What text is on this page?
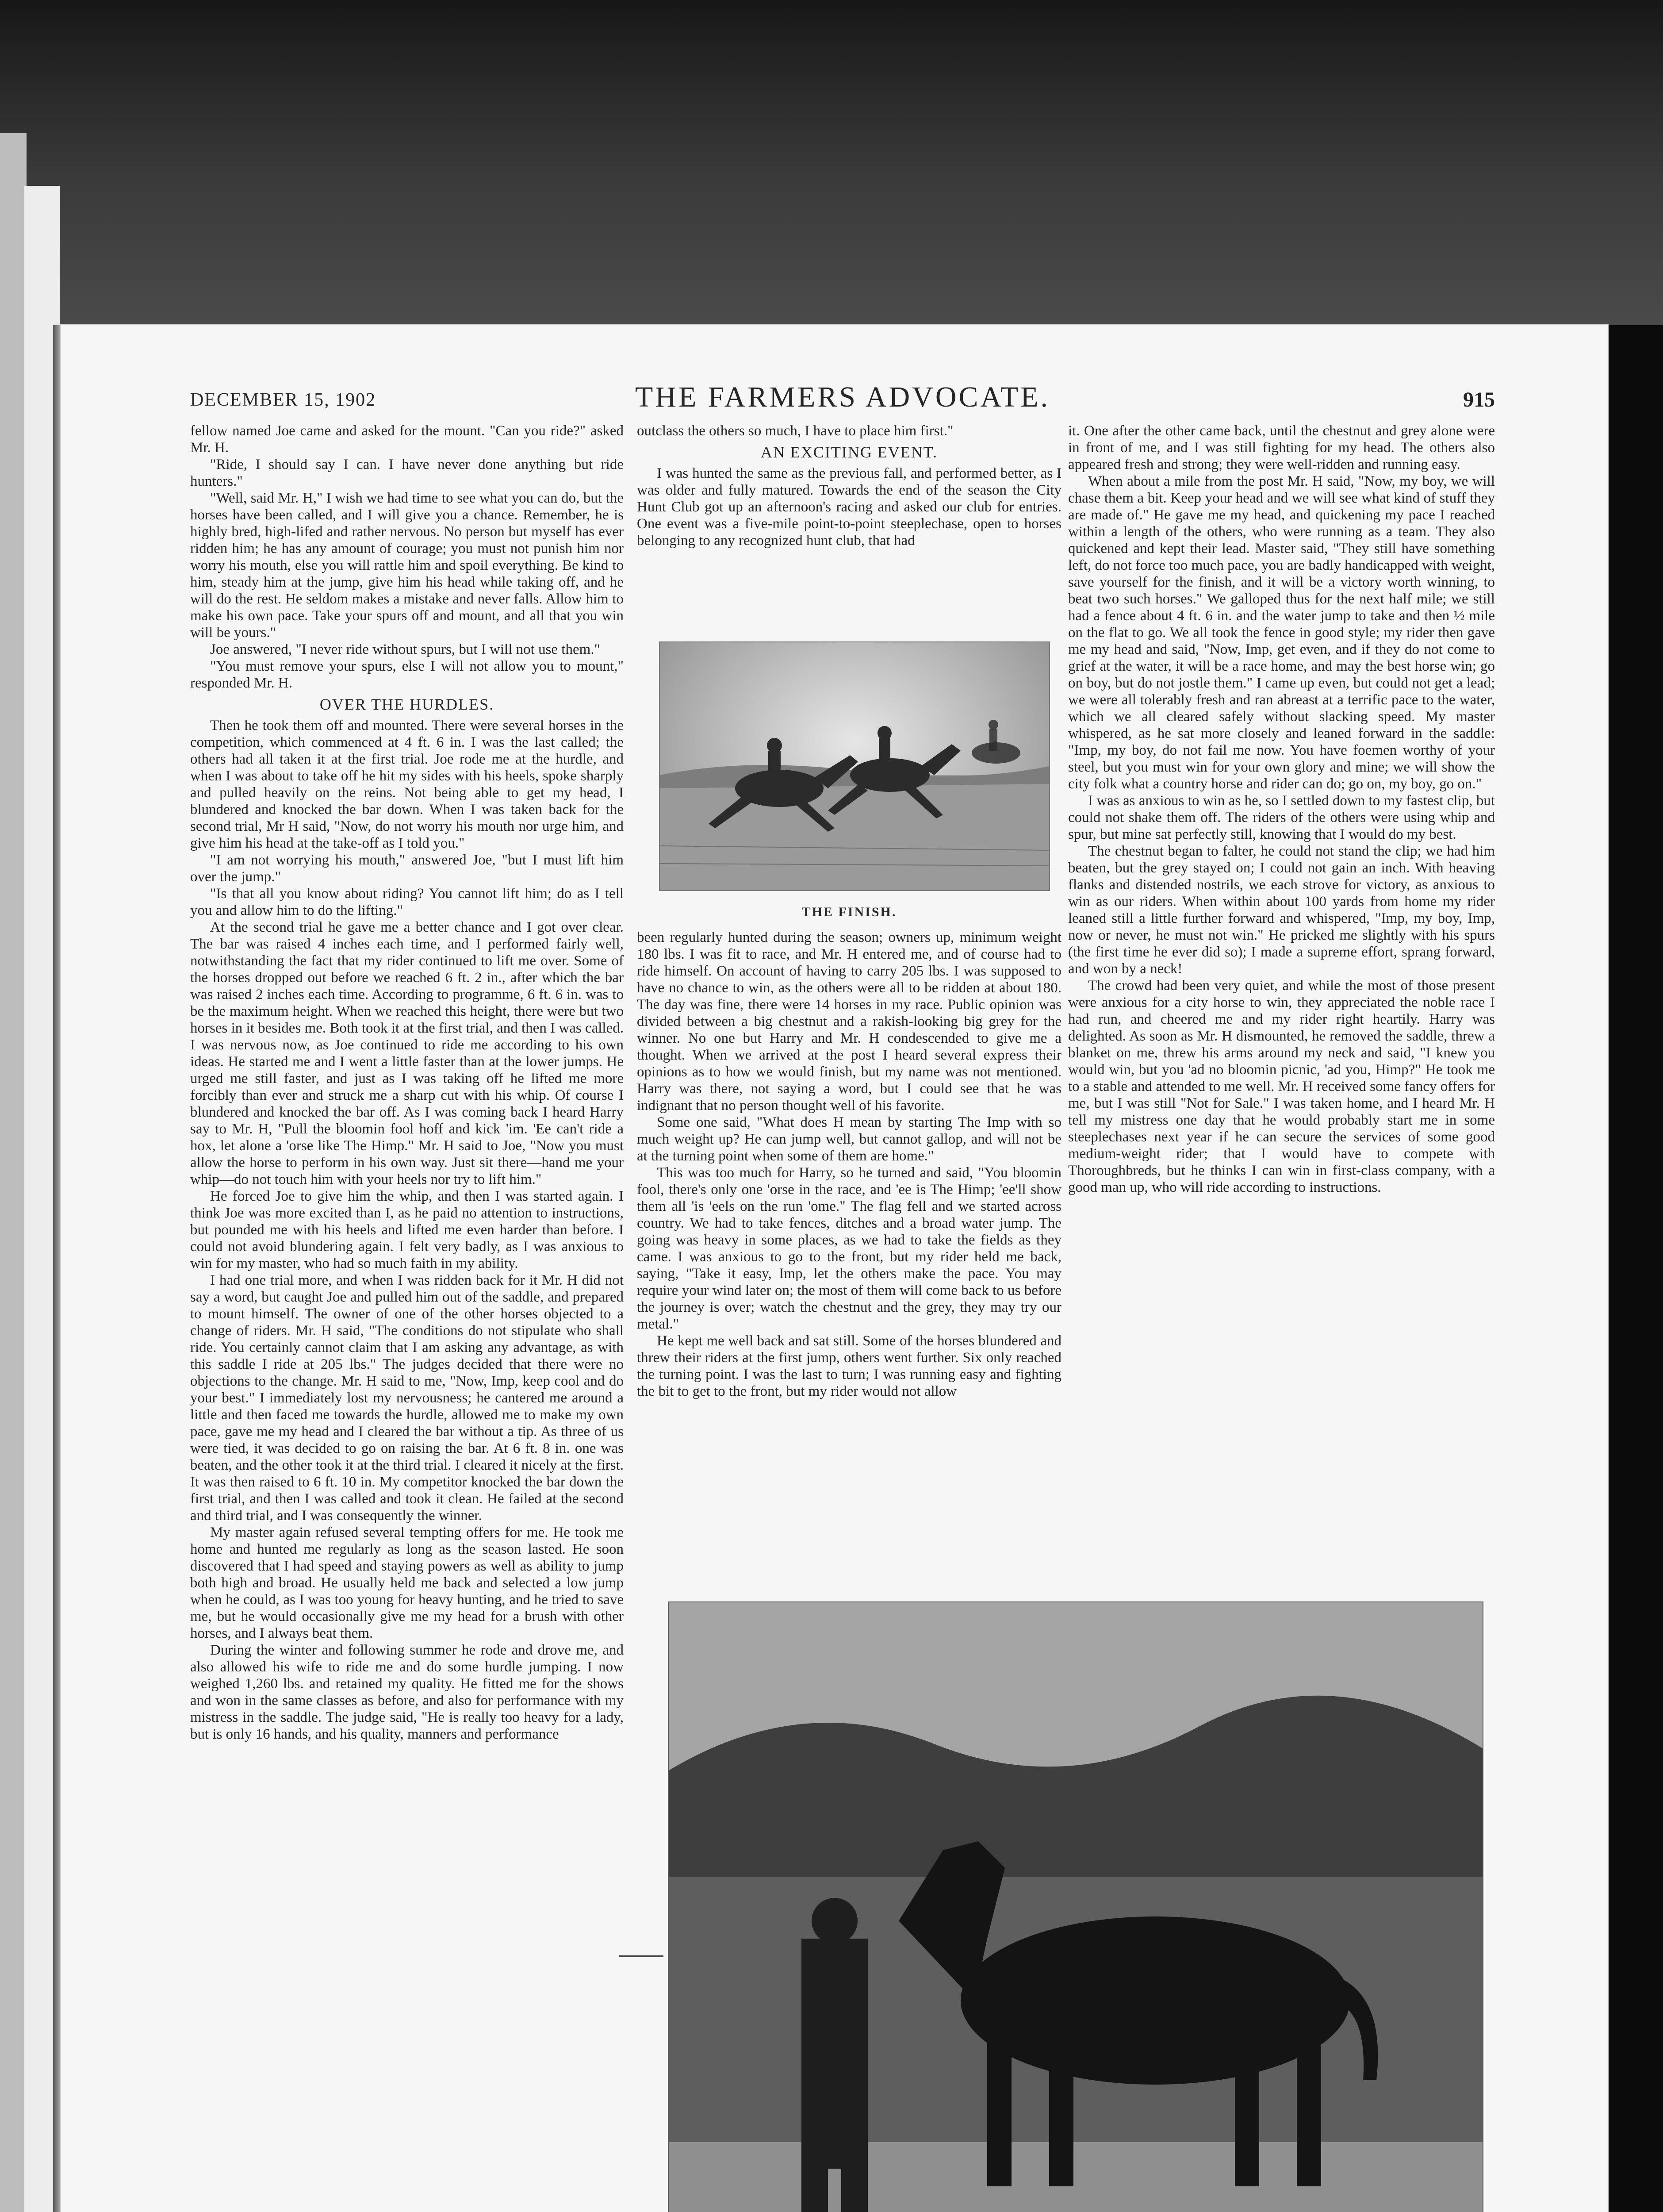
DECEMBER 15, 1902	THE FARMERS ADVOCATE.	915

fellow named Joe came and asked for the mount. "Can you ride?" asked Mr. H.

"Ride, I should say I can. I have never done anything but ride hunters."

"Well, said Mr. H," I wish we had time to see what you can do, but the horses have been called, and I will give you a chance. Remember, he is highly bred, high-lifed and rather nervous. No person but myself has ever ridden him; he has any amount of courage; you must not punish him nor worry his mouth, else you will rattle him and spoil everything. Be kind to him, steady him at the jump, give him his head while taking off, and he will do the rest. He seldom makes a mistake and never falls. Allow him to make his own pace. Take your spurs off and mount, and all that you win will be yours."

Joe answered, "I never ride without spurs, but I will not use them."

"You must remove your spurs, else I will not allow you to mount," responded Mr. H.

OVER THE HURDLES.

Then he took them off and mounted. There were several horses in the competition, which commenced at 4 ft. 6 in. I was the last called; the others had all taken it at the first trial. Joe rode me at the hurdle, and when I was about to take off he hit my sides with his heels, spoke sharply and pulled heavily on the reins. Not being able to get my head, I blundered and knocked the bar down. When I was taken back for the second trial, Mr H said, "Now, do not worry his mouth nor urge him, and give him his head at the take-off as I told you."

"I am not worrying his mouth," answered Joe, "but I must lift him over the jump."

"Is that all you know about riding? You cannot lift him; do as I tell you and allow him to do the lifting."

At the second trial he gave me a better chance and I got over clear. The bar was raised 4 inches each time, and I performed fairly well, notwithstanding the fact that my rider continued to lift me over. Some of the horses dropped out before we reached 6 ft. 2 in., after which the bar was raised 2 inches each time. According to programme, 6 ft. 6 in. was to be the maximum height. When we reached this height, there were but two horses in it besides me. Both took it at the first trial, and then I was called. I was nervous now, as Joe continued to ride me according to his own ideas. He started me and I went a little faster than at the lower jumps. He urged me still faster, and just as I was taking off he lifted me more forcibly than ever and struck me a sharp cut with his whip. Of course I blundered and knocked the bar off. As I was coming back I heard Harry say to Mr. H, "Pull the bloomin fool hoff and kick 'im. 'Ee can't ride a hox, let alone a 'orse like The Himp." Mr. H said to Joe, "Now you must allow the horse to perform in his own way. Just sit there—hand me your whip—do not touch him with your heels nor try to lift him."

He forced Joe to give him the whip, and then I was started again. I think Joe was more excited than I, as he paid no attention to instructions, but pounded me with his heels and lifted me even harder than before. I could not avoid blundering again. I felt very badly, as I was anxious to win for my master, who had so much faith in my ability.

I had one trial more, and when I was ridden back for it Mr. H did not say a word, but caught Joe and pulled him out of the saddle, and prepared to mount himself. The owner of one of the other horses objected to a change of riders. Mr. H said, "The conditions do not stipulate who shall ride. You certainly cannot claim that I am asking any advantage, as with this saddle I ride at 205 lbs." The judges decided that there were no objections to the change. Mr. H said to me, "Now, Imp, keep cool and do your best." I immediately lost my nervousness; he cantered me around a little and then faced me towards the hurdle, allowed me to make my own pace, gave me my head and I cleared the bar without a tip. As three of us were tied, it was decided to go on raising the bar. At 6 ft. 8 in. one was beaten, and the other took it at the third trial. I cleared it nicely at the first. It was then raised to 6 ft. 10 in. My competitor knocked the bar down the first trial, and then I was called and took it clean. He failed at the second and third trial, and I was consequently the winner.

My master again refused several tempting offers for me. He took me home and hunted me regularly as long as the season lasted. He soon discovered that I had speed and staying powers as well as ability to jump both high and broad. He usually held me back and selected a low jump when he could, as I was too young for heavy hunting, and he tried to save me, but he would occasionally give me my head for a brush with other horses, and I always beat them.

During the winter and following summer he rode and drove me, and also allowed his wife to ride me and do some hurdle jumping. I now weighed 1,260 lbs. and retained my quality. He fitted me for the shows and won in the same classes as before, and also for performance with my mistress in the saddle. The judge said, "He is really too heavy for a lady, but is only 16 hands, and his quality, manners and performance

outclass the others so much, I have to place him first."

AN EXCITING EVENT.

I was hunted the same as the previous fall, and performed better, as I was older and fully matured. Towards the end of the season the City Hunt Club got up an afternoon's racing and asked our club for entries. One event was a five-mile point-to-point steeplechase, open to horses belonging to any recognized hunt club, that had

THE FINISH.

been regularly hunted during the season; owners up, minimum weight 180 lbs. I was fit to race, and Mr. H entered me, and of course had to ride himself. On account of having to carry 205 lbs. I was supposed to have no chance to win, as the others were all to be ridden at about 180. The day was fine, there were 14 horses in my race. Public opinion was divided between a big chestnut and a rakish-looking big grey for the winner. No one but Harry and Mr. H condescended to give me a thought. When we arrived at the post I heard several express their opinions as to how we would finish, but my name was not mentioned. Harry was there, not saying a word, but I could see that he was indignant that no person thought well of his favorite.

Some one said, "What does H mean by starting The Imp with so much weight up? He can jump well, but cannot gallop, and will not be at the turning point when some of them are home."

This was too much for Harry, so he turned and said, "You bloomin fool, there's only one 'orse in the race, and 'ee is The Himp; 'ee'll show them all 'is 'eels on the run 'ome." The flag fell and we started across country. We had to take fences, ditches and a broad water jump. The going was heavy in some places, as we had to take the fields as they came. I was anxious to go to the front, but my rider held me back, saying, "Take it easy, Imp, let the others make the pace. You may require your wind later on; the most of them will come back to us before the journey is over; watch the chestnut and the grey, they may try our metal."

He kept me well back and sat still. Some of the horses blundered and threw their riders at the first jump, others went further. Six only reached the turning point. I was the last to turn; I was running easy and fighting the bit to get to the front, but my rider would not allow

it. One after the other came back, until the chestnut and grey alone were in front of me, and I was still fighting for my head. The others also appeared fresh and strong; they were well-ridden and running easy.

When about a mile from the post Mr. H said, "Now, my boy, we will chase them a bit. Keep your head and we will see what kind of stuff they are made of." He gave me my head, and quickening my pace I reached within a length of the others, who were running as a team. They also quickened and kept their lead. Master said, "They still have something left, do not force too much pace, you are badly handicapped with weight, save yourself for the finish, and it will be a victory worth winning, to beat two such horses." We galloped thus for the next half mile; we still had a fence about 4 ft. 6 in. and the water jump to take and then ½ mile on the flat to go. We all took the fence in good style; my rider then gave me my head and said, "Now, Imp, get even, and if they do not come to grief at the water, it will be a race home, and may the best horse win; go on boy, but do not jostle them." I came up even, but could not get a lead; we were all tolerably fresh and ran abreast at a terrific pace to the water, which we all cleared safely without slacking speed. My master whispered, as he sat more closely and leaned forward in the saddle: "Imp, my boy, do not fail me now. You have foemen worthy of your steel, but you must win for your own glory and mine; we will show the city folk what a country horse and rider can do; go on, my boy, go on."

I was as anxious to win as he, so I settled down to my fastest clip, but could not shake them off. The riders of the others were using whip and spur, but mine sat perfectly still, knowing that I would do my best.

The chestnut began to falter, he could not stand the clip; we had him beaten, but the grey stayed on; I could not gain an inch. With heaving flanks and distended nostrils, we each strove for victory, as anxious to win as our riders. When within about 100 yards from home my rider leaned still a little further forward and whispered, "Imp, my boy, Imp, now or never, he must not win." He pricked me slightly with his spurs (the first time he ever did so); I made a supreme effort, sprang forward, and won by a neck!

The crowd had been very quiet, and while the most of those present were anxious for a city horse to win, they appreciated the noble race I had run, and cheered me and my rider right heartily. Harry was delighted. As soon as Mr. H dismounted, he removed the saddle, threw a blanket on me, threw his arms around my neck and said, "I knew you would win, but you 'ad no bloomin picnic, 'ad you, Himp?" He took me to a stable and attended to me well. Mr. H received some fancy offers for me, but I was still "Not for Sale." I was taken home, and I heard Mr. H tell my mistress one day that he would probably start me in some steeplechases next year if he can secure the services of some good medium-weight rider; that I would have to compete with Thoroughbreds, but he thinks I can win in first-class company, with a good man up, who will ride according to instructions.
